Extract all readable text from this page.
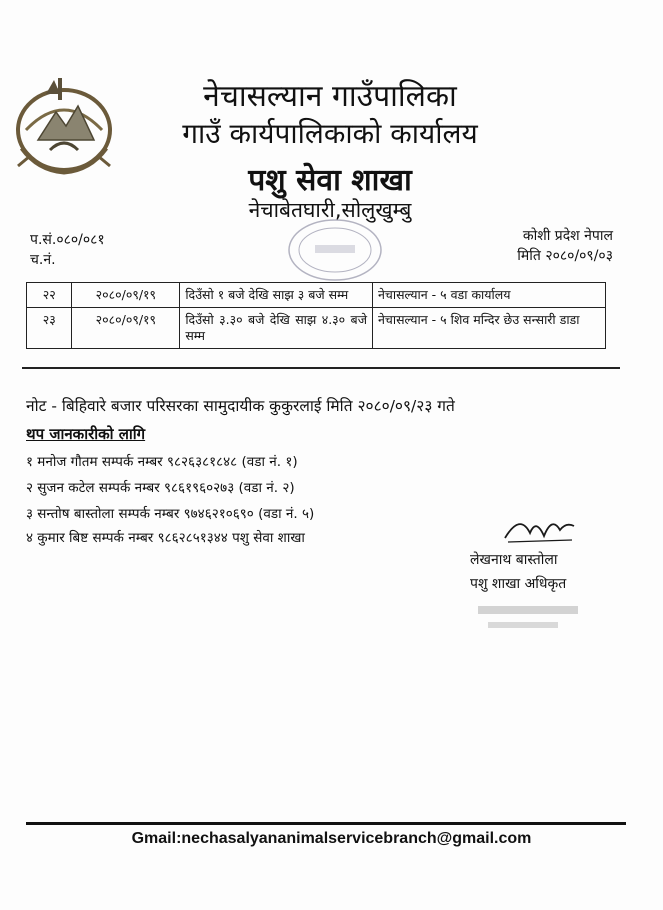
नेचासल्यान गाउँपालिका
गाउँ कार्यपालिकाको कार्यालय
पशु सेवा शाखा
नेचाबेतघारी,सोलुखुम्बु
प.सं.०८०/०८१
च.नं.
कोशी प्रदेश नेपाल
मिति २०८०/०९/०३
२२	२०८०/०९/१९	दिउँसो १ बजे देखि साझ ३ बजे सम्म	नेचासल्यान - ५ वडा कार्यालय
२३	२०८०/०९/१९	दिउँसो ३.३० बजे देखि साझ ४.३० बजे सम्म	नेचासल्यान - ५ शिव मन्दिर छेउ सन्सारी डाडा
नोट - बिहिवारे बजार परिसरका सामुदायीक कुकुरलाई मिति २०८०/०९/२३ गते
थप जानकारीको लागि
१ मनोज गौतम सम्पर्क नम्बर ९८२६३८१८४८ (वडा नं. १)
२ सुजन कटेल सम्पर्क नम्बर ९८६१९६०२७३ (वडा नं. २)
३ सन्तोष बास्तोला सम्पर्क नम्बर ९७४६२१०६९० (वडा नं. ५)
४ कुमार बिष्ट सम्पर्क नम्बर ९८६२८५१३४४ पशु सेवा शाखा
लेखनाथ बास्तोला
पशु शाखा अधिकृत
Gmail:nechasalyananimalservicebranch@gmail.com
